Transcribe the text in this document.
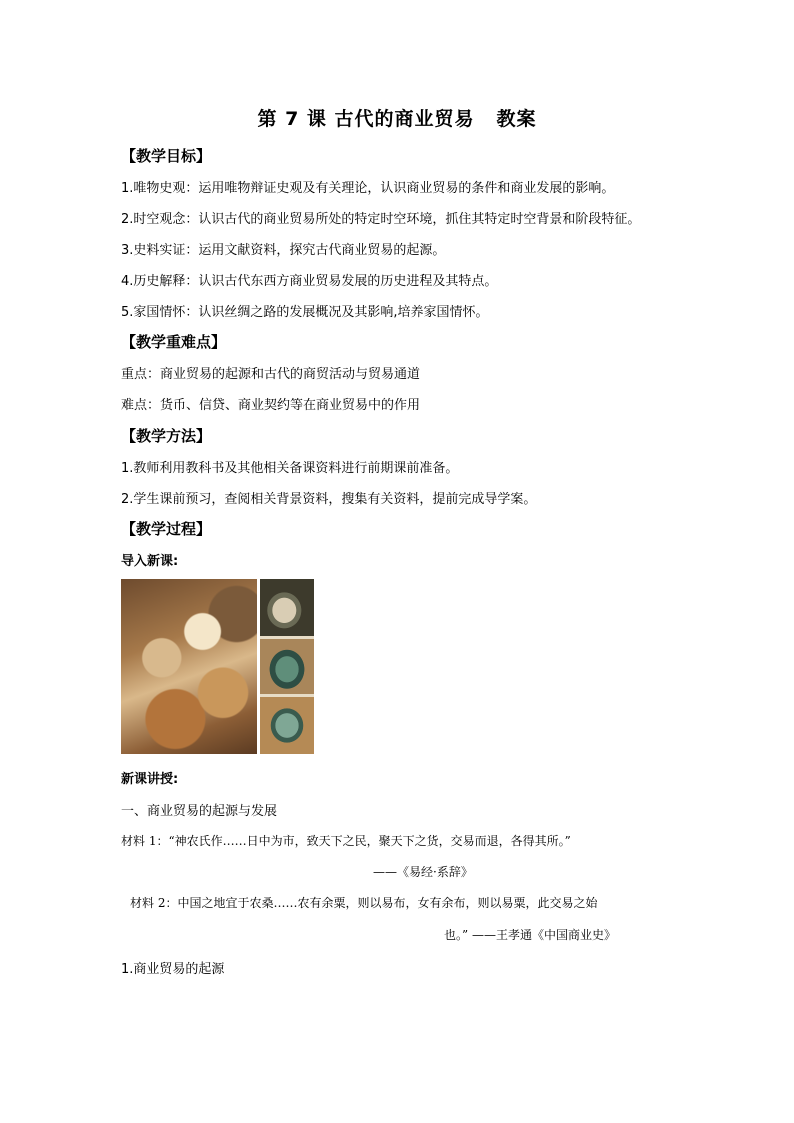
第 7 课 古代的商业贸易 教案
【教学目标】
1.唯物史观：运用唯物辩证史观及有关理论，认识商业贸易的条件和商业发展的影响。
2.时空观念：认识古代的商业贸易所处的特定时空环境，抓住其特定时空背景和阶段特征。
3.史料实证：运用文献资料，探究古代商业贸易的起源。
4.历史解释：认识古代东西方商业贸易发展的历史进程及其特点。
5.家国情怀：认识丝绸之路的发展概况及其影响,培养家国情怀。
【教学重难点】
重点：商业贸易的起源和古代的商贸活动与贸易通道
难点：货币、信贷、商业契约等在商业贸易中的作用
【教学方法】
1.教师利用教科书及其他相关备课资料进行前期课前准备。
2.学生课前预习，查阅相关背景资料，搜集有关资料，提前完成导学案。
【教学过程】
导入新课:
新课讲授:
一、商业贸易的起源与发展
材料 1：“神农氏作……日中为市，致天下之民，聚天下之货，交易而退，各得其所。”
——《易经·系辞》
材料 2：中国之地宜于农桑……农有余粟，则以易布，女有余布，则以易粟，此交易之始
也。” ——王孝通《中国商业史》
1.商业贸易的起源
